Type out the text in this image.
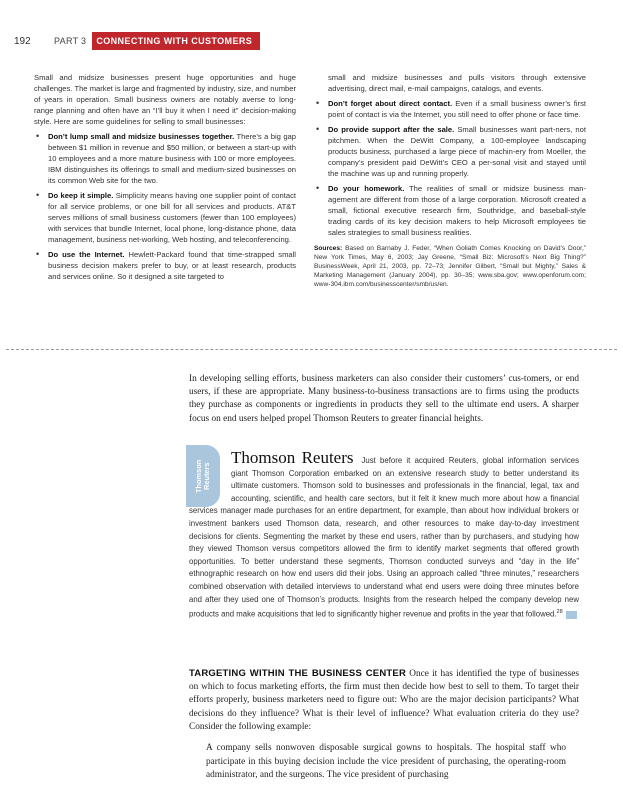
192	PART 3	CONNECTING WITH CUSTOMERS

Small and midsize businesses present huge opportunities and huge challenges. The market is large and fragmented by industry, size, and number of years in operation. Small business owners are notably averse to long-range planning and often have an “I’ll buy it when I need it” decision-making style. Here are some guidelines for selling to small businesses:

• Don’t lump small and midsize businesses together. There’s a big gap between $1 million in revenue and $50 million, or between a start-up with 10 employees and a more mature business with 100 or more employees. IBM distinguishes its offerings to small and medium-sized businesses on its common Web site for the two.
• Do keep it simple. Simplicity means having one supplier point of contact for all service problems, or one bill for all services and products. AT&T serves millions of small business customers (fewer than 100 employees) with services that bundle Internet, local phone, long-distance phone, data management, business net-working, Web hosting, and teleconferencing.
• Do use the Internet. Hewlett-Packard found that time-strapped small business decision makers prefer to buy, or at least research, products and services online. So it designed a site targeted to

small and midsize businesses and pulls visitors through extensive advertising, direct mail, e-mail campaigns, catalogs, and events.

• Don’t forget about direct contact. Even if a small business owner’s first point of contact is via the Internet, you still need to offer phone or face time.
• Do provide support after the sale. Small businesses want part-ners, not pitchmen. When the DeWitt Company, a 100-employee landscaping products business, purchased a large piece of machin-ery from Moeller, the company’s president paid DeWitt’s CEO a per-sonal visit and stayed until the machine was up and running properly.
• Do your homework. The realities of small or midsize business man-agement are different from those of a large corporation. Microsoft created a small, fictional executive research firm, Southridge, and baseball-style trading cards of its key decision makers to help Microsoft employees tie sales strategies to small business realities.

Sources: Based on Barnaby J. Feder, “When Goliath Comes Knocking on David’s Door,” New York Times, May 6, 2003; Jay Greene, “Small Biz: Microsoft’s Next Big Thing?” BusinessWeek, April 21, 2003, pp. 72–73; Jennifer Gilbert, “Small but Mighty,” Sales & Marketing Management (January 2004), pp. 30–35; www.sba.gov; www.openforum.com; www-304.ibm.com/businesscenter/smb/us/en.

In developing selling efforts, business marketers can also consider their customers’ cus-tomers, or end users, if these are appropriate. Many business-to-business transactions are to firms using the products they purchase as components or ingredients in products they sell to the ultimate end users. A sharper focus on end users helped propel Thomson Reuters to greater financial heights.

Thomson Reuters
Thomson Reuters Just before it acquired Reuters, global information services giant Thomson Corporation embarked on an extensive research study to better understand its ultimate customers. Thomson sold to businesses and professionals in the financial, legal, tax and accounting, scientific, and health care sectors, but it felt it knew much more about how a financial services manager made purchases for an entire department, for example, than about how individual brokers or investment bankers used Thomson data, research, and other resources to make day-to-day investment decisions for clients. Segmenting the market by these end users, rather than by purchasers, and studying how they viewed Thomson versus competitors allowed the firm to identify market segments that offered growth opportunities. To better understand these segments, Thomson conducted surveys and “day in the life” ethnographic research on how end users did their jobs. Using an approach called “three minutes,” researchers combined observation with detailed interviews to understand what end users were doing three minutes before and after they used one of Thomson’s products. Insights from the research helped the company develop new products and make acquisitions that led to significantly higher revenue and profits in the year that followed.$^{28}$

TARGETING WITHIN THE BUSINESS CENTER Once it has identified the type of businesses on which to focus marketing efforts, the firm must then decide how best to sell to them. To target their efforts properly, business marketers need to figure out: Who are the major decision participants? What decisions do they influence? What is their level of influence? What evaluation criteria do they use? Consider the following example:

A company sells nonwoven disposable surgical gowns to hospitals. The hospital staff who participate in this buying decision include the vice president of purchasing, the operating-room administrator, and the surgeons. The vice president of purchasing
